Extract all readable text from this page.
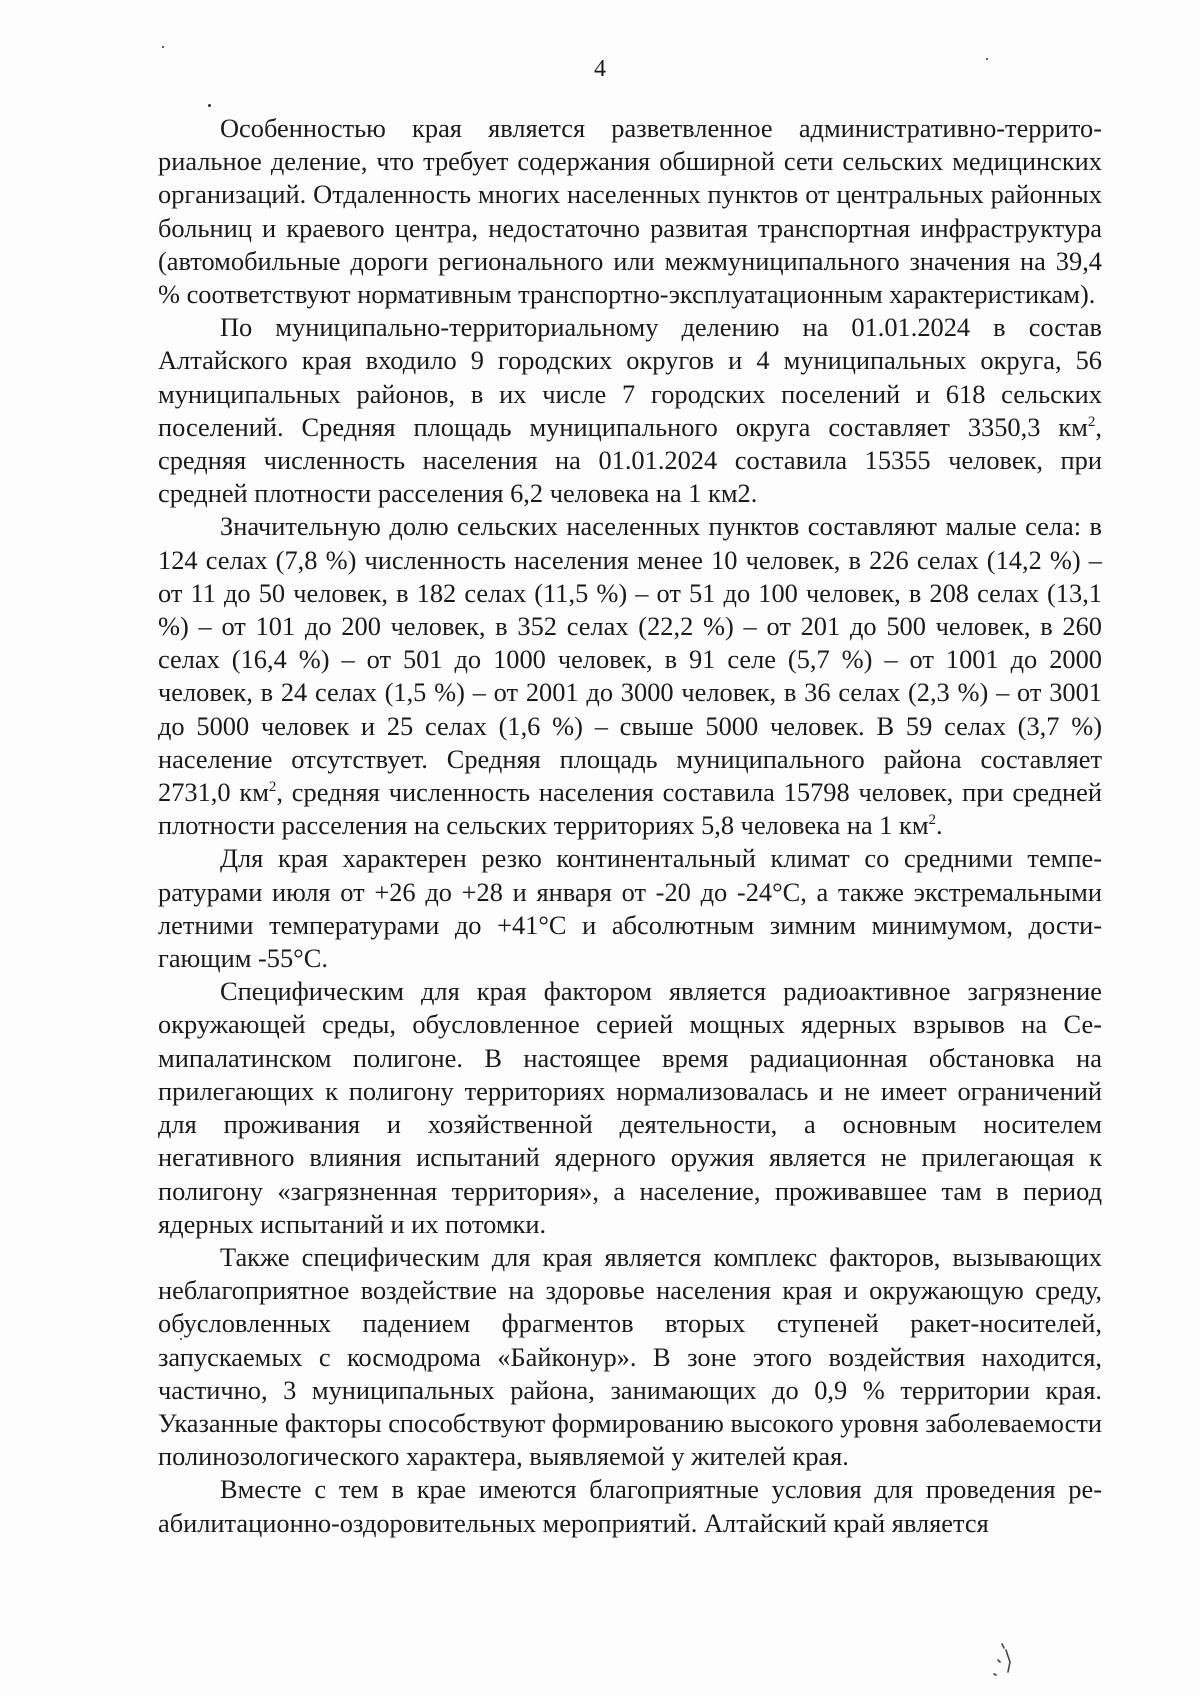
4

Особенностью края является разветвленное административно-территориальное деление, что требует содержания обширной сети сельских медицинских организаций. Отдаленность многих населенных пунктов от центральных районных больниц и краевого центра, недостаточно развитая транспортная инфраструктура (автомобильные дороги регионального или межмуниципального значения на 39,4 % соответствуют нормативным транспортно-эксплуатационным характеристикам).

По муниципально-территориальному делению на 01.01.2024 в состав Алтайского края входило 9 городских округов и 4 муниципальных округа, 56 муниципальных районов, в их числе 7 городских поселений и 618 сельских поселений. Средняя площадь муниципального округа составляет 3350,3 $км^2$, средняя численность населения на 01.01.2024 составила 15355 человек, при средней плотности расселения 6,2 человека на 1 км2.

Значительную долю сельских населенных пунктов составляют малые села: в 124 селах (7,8 %) численность населения менее 10 человек, в 226 селах (14,2 %) – от 11 до 50 человек, в 182 селах (11,5 %) – от 51 до 100 человек, в 208 селах (13,1 %) – от 101 до 200 человек, в 352 селах (22,2 %) – от 201 до 500 человек, в 260 селах (16,4 %) – от 501 до 1000 человек, в 91 селе (5,7 %) – от 1001 до 2000 человек, в 24 селах (1,5 %) – от 2001 до 3000 человек, в 36 селах (2,3 %) – от 3001 до 5000 человек и 25 селах (1,6 %) – свыше 5000 человек. В 59 селах (3,7 %) население отсутствует. Средняя площадь муниципального района составляет 2731,0 $км^2$, средняя численность населения составила 15798 человек, при средней плотности расселения на сельских территориях 5,8 человека на 1 $км^2$.

Для края характерен резко континентальный климат со средними температурами июля от +26 до +28 и января от -20 до -24°С, а также экстремальными летними температурами до +41°С и абсолютным зимним минимумом, достигающим -55°С.

Специфическим для края фактором является радиоактивное загрязнение окружающей среды, обусловленное серией мощных ядерных взрывов на Семипалатинском полигоне. В настоящее время радиационная обстановка на прилегающих к полигону территориях нормализовалась и не имеет ограничений для проживания и хозяйственной деятельности, а основным носителем негативного влияния испытаний ядерного оружия является не прилегающая к полигону «загрязненная территория», а население, проживавшее там в период ядерных испытаний и их потомки.

Также специфическим для края является комплекс факторов, вызывающих неблагоприятное воздействие на здоровье населения края и окружающую среду, обусловленных падением фрагментов вторых ступеней ракет-носителей, запускаемых с космодрома «Байконур». В зоне этого воздействия находится, частично, 3 муниципальных района, занимающих до 0,9 % территории края. Указанные факторы способствуют формированию высокого уровня заболеваемости полинозологического характера, выявляемой у жителей края.

Вместе с тем в крае имеются благоприятные условия для проведения реабилитационно-оздоровительных мероприятий. Алтайский край является
